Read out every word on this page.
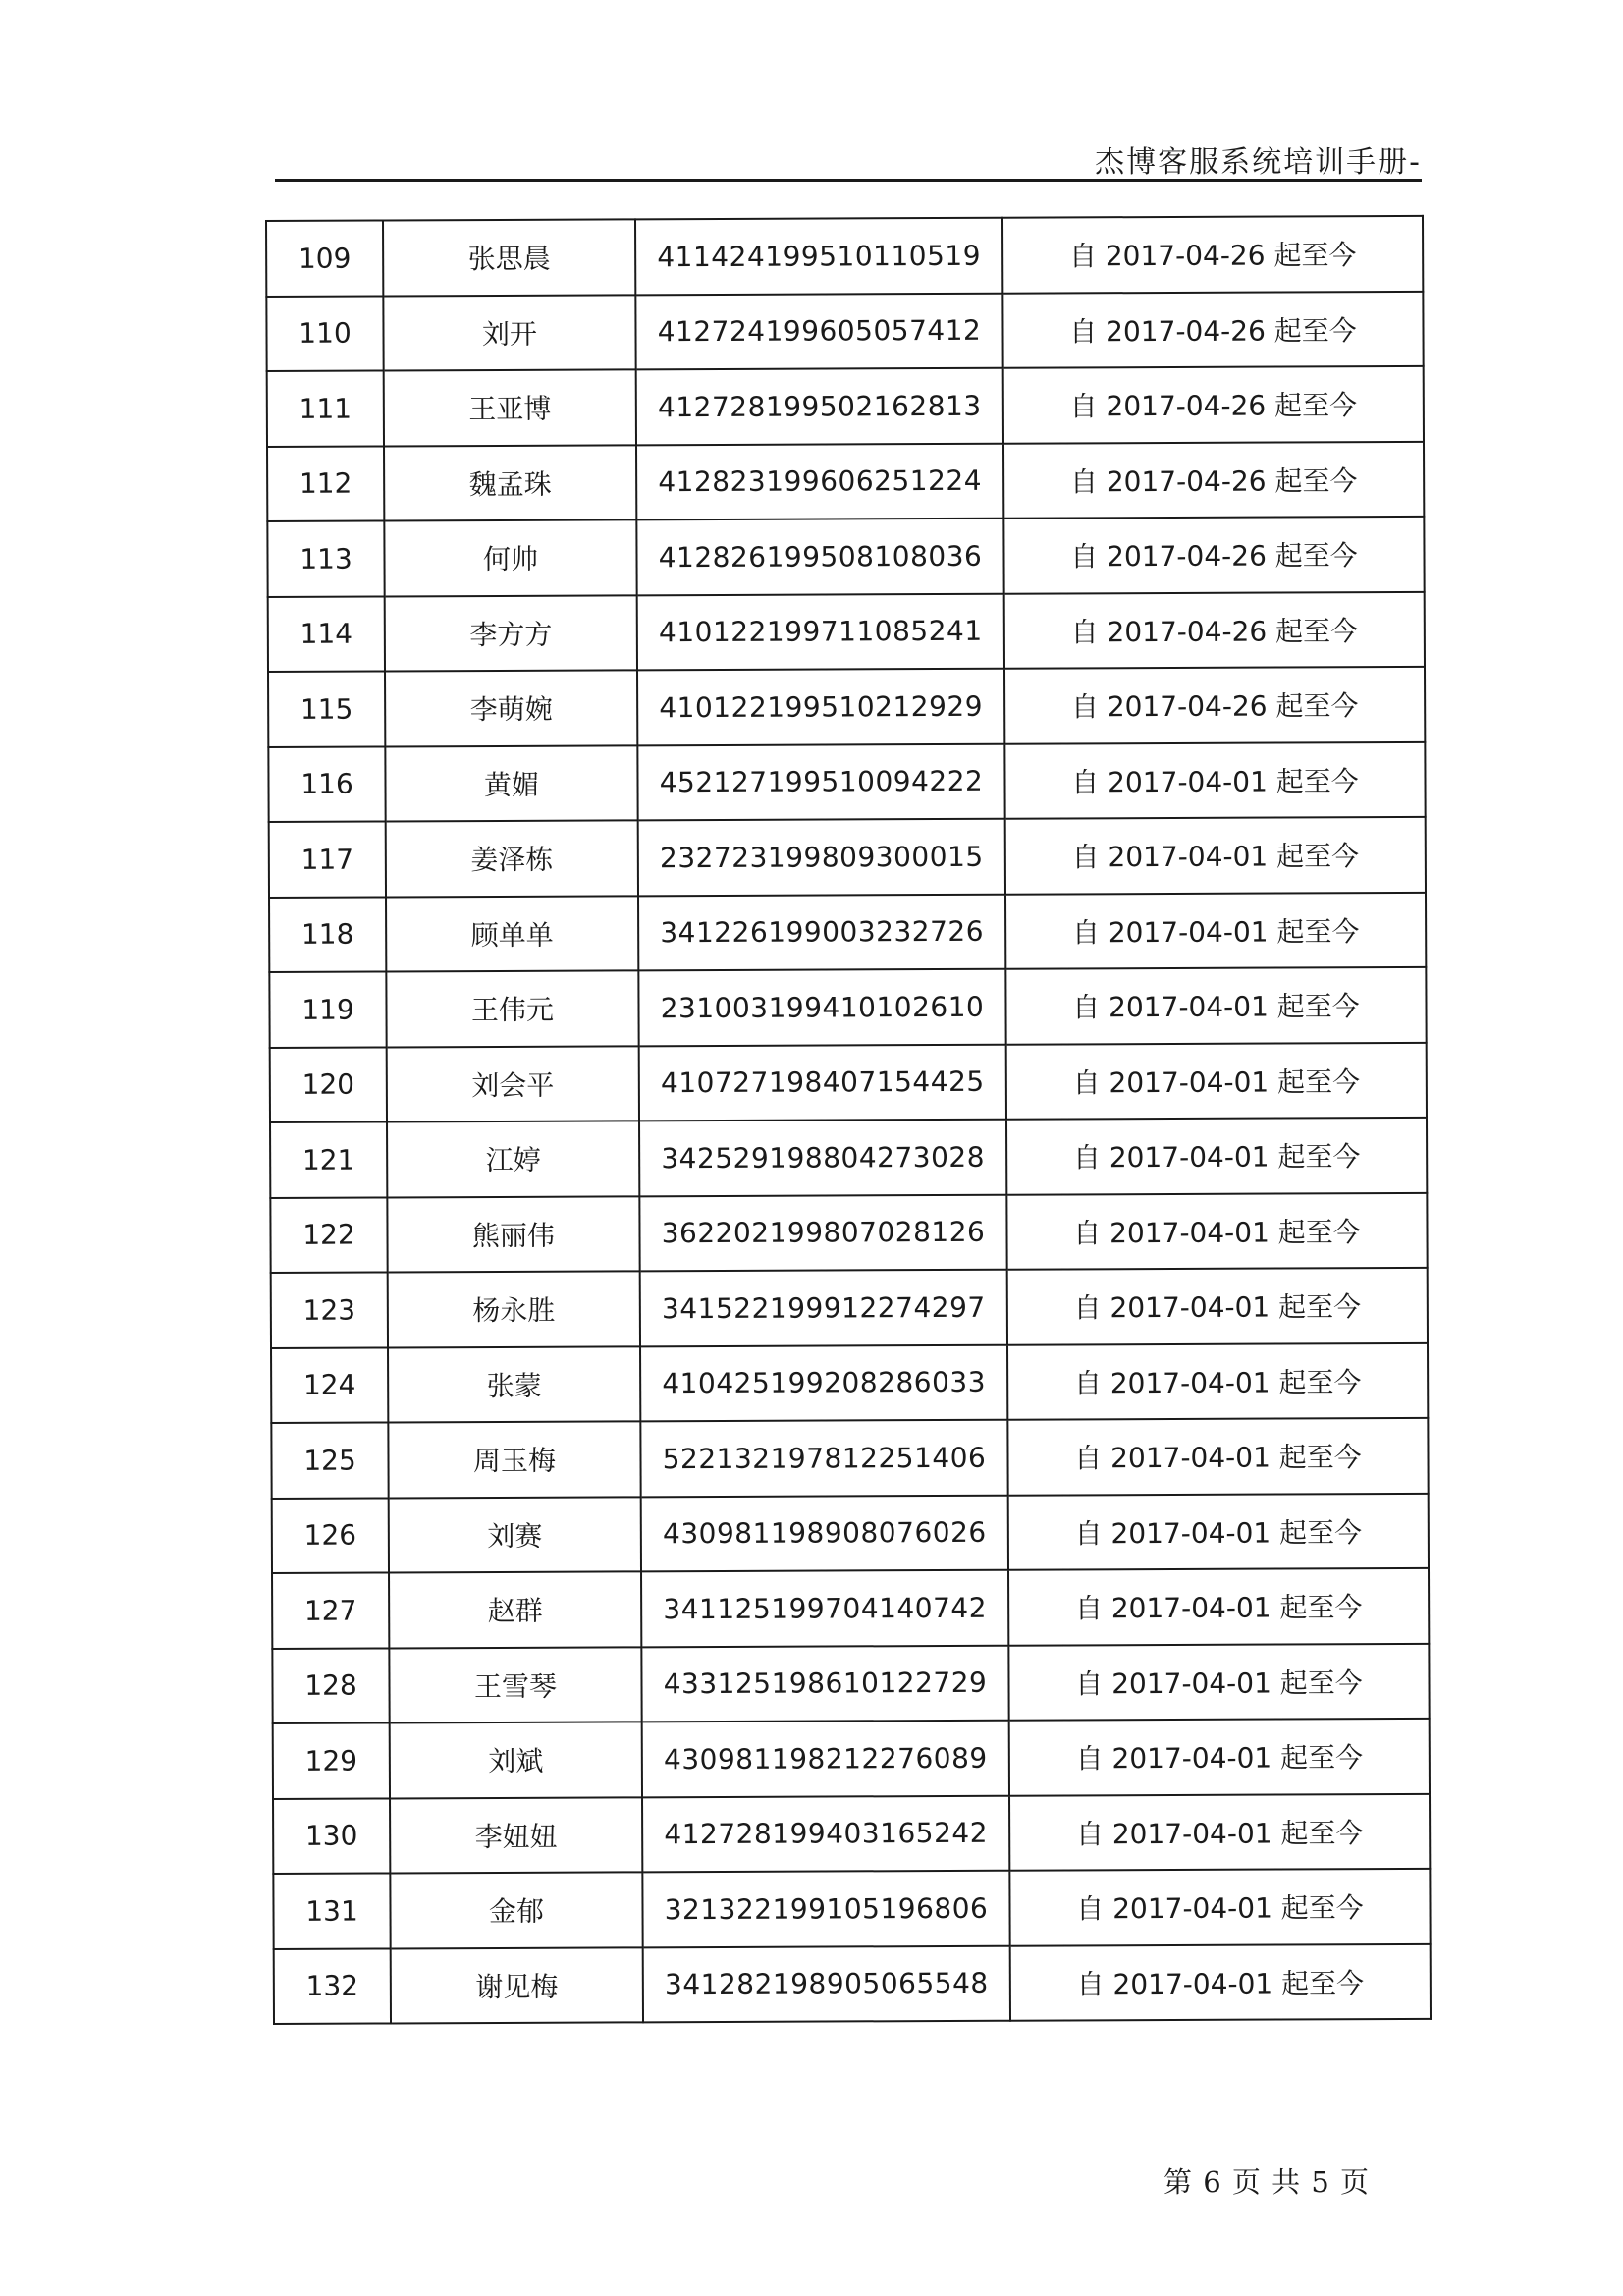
杰博客服系统培训手册-
109	张思晨	411424199510110519	自 2017-04-26 起至今
110	刘开	412724199605057412	自 2017-04-26 起至今
111	王亚博	412728199502162813	自 2017-04-26 起至今
112	魏孟珠	412823199606251224	自 2017-04-26 起至今
113	何帅	412826199508108036	自 2017-04-26 起至今
114	李方方	410122199711085241	自 2017-04-26 起至今
115	李萌婉	410122199510212929	自 2017-04-26 起至今
116	黄媚	452127199510094222	自 2017-04-01 起至今
117	姜泽栋	232723199809300015	自 2017-04-01 起至今
118	顾单单	341226199003232726	自 2017-04-01 起至今
119	王伟元	231003199410102610	自 2017-04-01 起至今
120	刘会平	410727198407154425	自 2017-04-01 起至今
121	江婷	342529198804273028	自 2017-04-01 起至今
122	熊丽伟	362202199807028126	自 2017-04-01 起至今
123	杨永胜	341522199912274297	自 2017-04-01 起至今
124	张蒙	410425199208286033	自 2017-04-01 起至今
125	周玉梅	522132197812251406	自 2017-04-01 起至今
126	刘赛	430981198908076026	自 2017-04-01 起至今
127	赵群	341125199704140742	自 2017-04-01 起至今
128	王雪琴	433125198610122729	自 2017-04-01 起至今
129	刘斌	430981198212276089	自 2017-04-01 起至今
130	李妞妞	412728199403165242	自 2017-04-01 起至今
131	金郁	321322199105196806	自 2017-04-01 起至今
132	谢见梅	341282198905065548	自 2017-04-01 起至今
第 6 页 共 5 页
